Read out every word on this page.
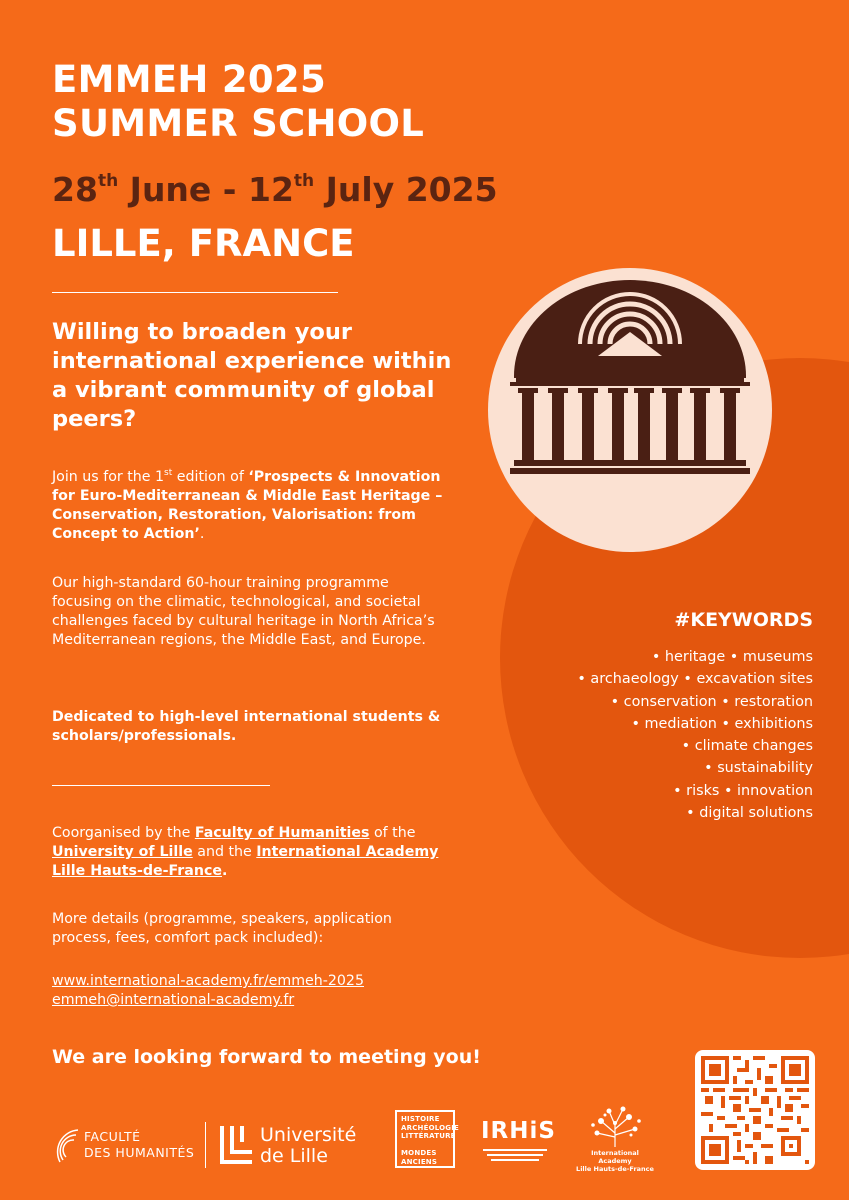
EMMEH 2025
SUMMER SCHOOL
28th June - 12th July 2025
LILLE, FRANCE
Willing to broaden your international experience within a vibrant community of global peers?
Join us for the 1st edition of ‘Prospects & Innovation for Euro-Mediterranean & Middle East Heritage – Conservation, Restoration, Valorisation: from Concept to Action’.
Our high-standard 60-hour training programme focusing on the climatic, technological, and societal challenges faced by cultural heritage in North Africa’s Mediterranean regions, the Middle East, and Europe.
Dedicated to high-level international students & scholars/professionals.
Coorganised by the Faculty of Humanities of the University of Lille and the International Academy Lille Hauts-de-France.
More details (programme, speakers, application process, fees, comfort pack included):
www.international-academy.fr/emmeh-2025
emmeh@international-academy.fr
We are looking forward to meeting you!
#KEYWORDS
• heritage • museums
• archaeology • excavation sites
• conservation • restoration
• mediation • exhibitions
• climate changes
• sustainability
• risks • innovation
• digital solutions
FACULTÉ
DES HUMANITÉS
Université
de Lille
HISTOIRE
ARCHÉOLOGIE
LITTÉRATURE
MONDES
ANCIENS
IRHiS
International Academy
Lille Hauts-de-France
